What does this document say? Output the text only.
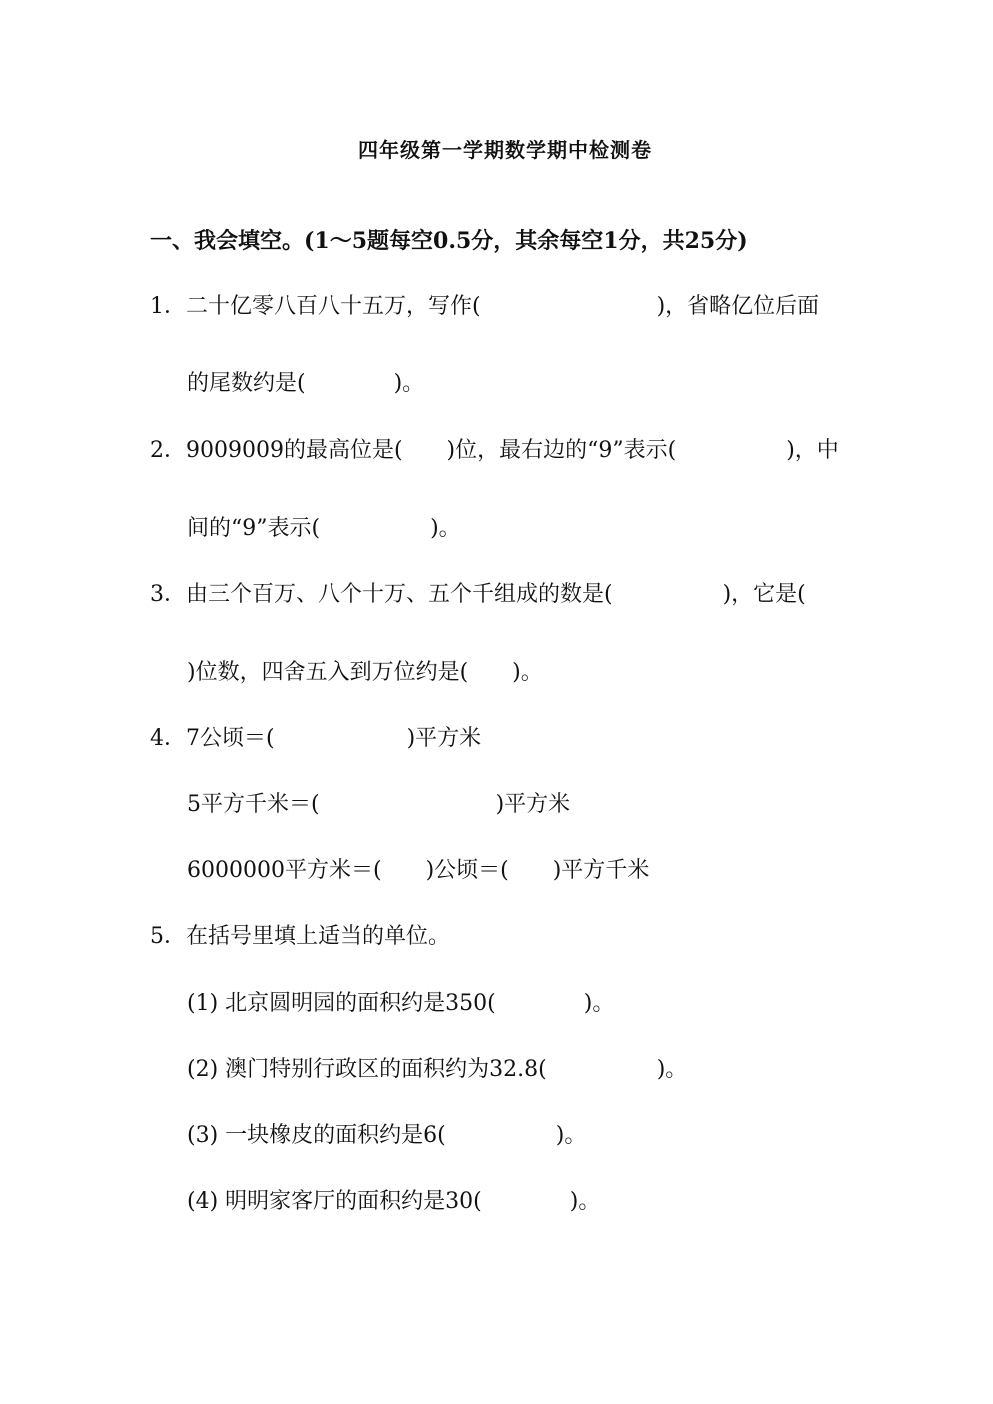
四年级第一学期数学期中检测卷
一、我会填空。(1～5题每空0.5分，其余每空1分，共25分)
1．二十亿零八百八十五万，写作(　　　　　　　　)，省略亿位后面
的尾数约是(　　　　)。
2．9009009的最高位是(　　)位，最右边的“9”表示(　　　　　)，中
间的“9”表示(　　　　　)。
3．由三个百万、八个十万、五个千组成的数是(　　　　　)，它是(
)位数，四舍五入到万位约是(　　)。
4．7公顷＝(　　　　　　)平方米
5平方千米＝(　　　　　　　　)平方米
6000000平方米＝(　　)公顷＝(　　)平方千米
5．在括号里填上适当的单位。
(1) 北京圆明园的面积约是350(　　　　)。
(2) 澳门特别行政区的面积约为32.8(　　　　　)。
(3) 一块橡皮的面积约是6(　　　　　)。
(4) 明明家客厅的面积约是30(　　　　)。
